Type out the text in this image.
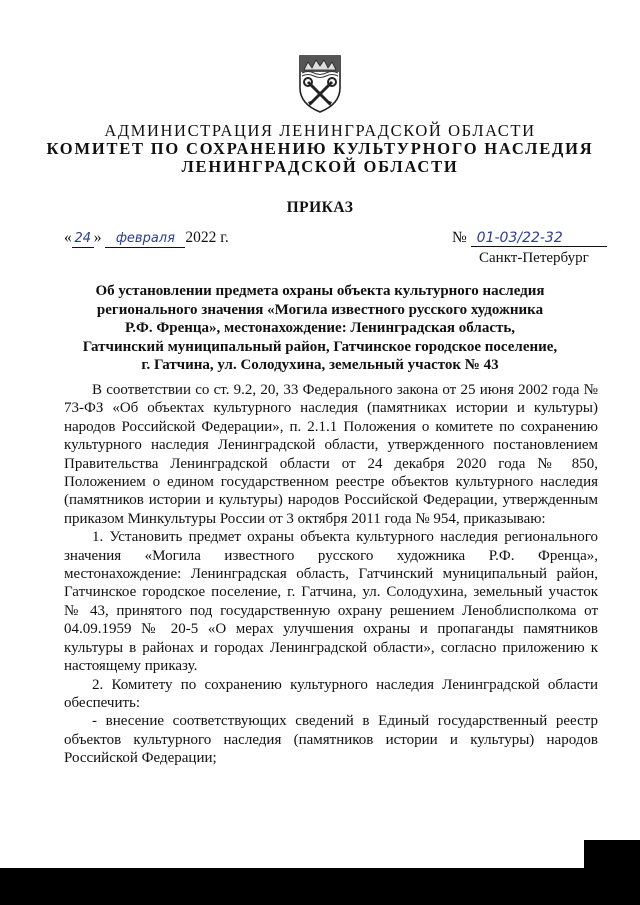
АДМИНИСТРАЦИЯ ЛЕНИНГРАДСКОЙ ОБЛАСТИ
КОМИТЕТ ПО СОХРАНЕНИЮ КУЛЬТУРНОГО НАСЛЕДИЯ
ЛЕНИНГРАДСКОЙ ОБЛАСТИ
ПРИКАЗ
« 24 » февраля 2022 г.	№ 01-03/22-32
Санкт-Петербург
Об установлении предмета охраны объекта культурного наследия
регионального значения «Могила известного русского художника
Р.Ф. Френца», местонахождение: Ленинградская область,
Гатчинский муниципальный район, Гатчинское городское поселение,
г. Гатчина, ул. Солодухина, земельный участок № 43

В соответствии со ст. 9.2, 20, 33 Федерального закона от 25 июня 2002 года № 73-ФЗ «Об объектах культурного наследия (памятниках истории и культуры) народов Российской Федерации», п. 2.1.1 Положения о комитете по сохранению культурного наследия Ленинградской области, утвержденного постановлением Правительства Ленинградской области от 24 декабря 2020 года № 850, Положением о едином государственном реестре объектов культурного наследия (памятников истории и культуры) народов Российской Федерации, утвержденным приказом Минкультуры России от 3 октября 2011 года № 954, приказываю:

1. Установить предмет охраны объекта культурного наследия регионального значения «Могила известного русского художника Р.Ф. Френца», местонахождение: Ленинградская область, Гатчинский муниципальный район, Гатчинское городское поселение, г. Гатчина, ул. Солодухина, земельный участок № 43, принятого под государственную охрану решением Леноблисполкома от 04.09.1959 № 20-5 «О мерах улучшения охраны и пропаганды памятников культуры в районах и городах Ленинградской области», согласно приложению к настоящему приказу.

2. Комитету по сохранению культурного наследия Ленинградской области обеспечить:

- внесение соответствующих сведений в Единый государственный реестр объектов культурного наследия (памятников истории и культуры) народов Российской Федерации;
